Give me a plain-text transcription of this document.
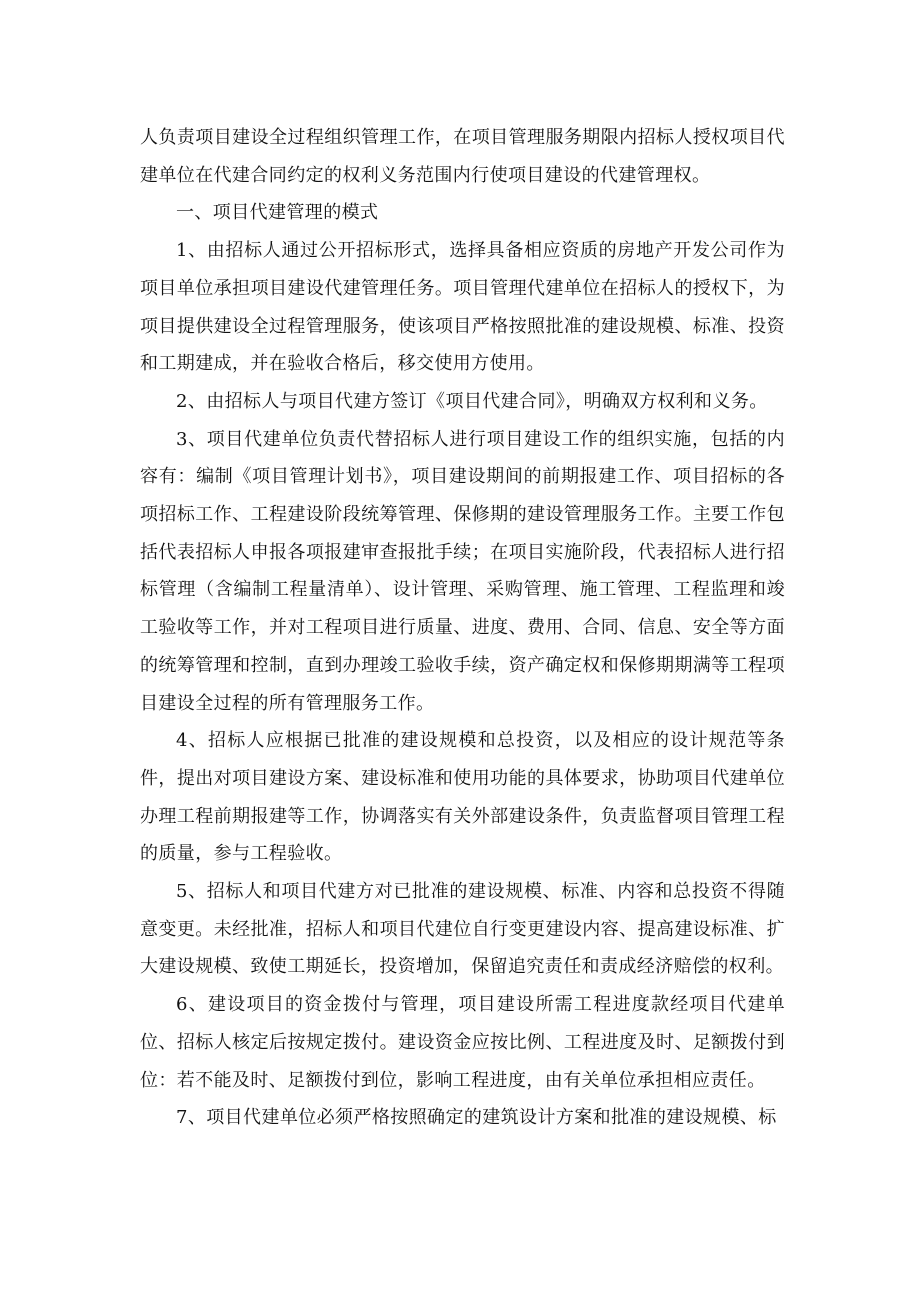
人负责项目建设全过程组织管理工作，在项目管理服务期限内招标人授权项目代建单位在代建合同约定的权利义务范围内行使项目建设的代建管理权。

一、项目代建管理的模式

1、由招标人通过公开招标形式，选择具备相应资质的房地产开发公司作为项目单位承担项目建设代建管理任务。项目管理代建单位在招标人的授权下，为项目提供建设全过程管理服务，使该项目严格按照批准的建设规模、标准、投资和工期建成，并在验收合格后，移交使用方使用。

2、由招标人与项目代建方签订《项目代建合同》，明确双方权利和义务。

3、项目代建单位负责代替招标人进行项目建设工作的组织实施，包括的内容有：编制《项目管理计划书》，项目建设期间的前期报建工作、项目招标的各项招标工作、工程建设阶段统筹管理、保修期的建设管理服务工作。主要工作包括代表招标人申报各项报建审查报批手续；在项目实施阶段，代表招标人进行招标管理（含编制工程量清单）、设计管理、采购管理、施工管理、工程监理和竣工验收等工作，并对工程项目进行质量、进度、费用、合同、信息、安全等方面的统筹管理和控制，直到办理竣工验收手续，资产确定权和保修期期满等工程项目建设全过程的所有管理服务工作。

4、招标人应根据已批准的建设规模和总投资，以及相应的设计规范等条件，提出对项目建设方案、建设标准和使用功能的具体要求，协助项目代建单位办理工程前期报建等工作，协调落实有关外部建设条件，负责监督项目管理工程的质量，参与工程验收。

5、招标人和项目代建方对已批准的建设规模、标准、内容和总投资不得随意变更。未经批准，招标人和项目代建位自行变更建设内容、提高建设标准、扩大建设规模、致使工期延长，投资增加，保留追究责任和责成经济赔偿的权利。

6、建设项目的资金拨付与管理，项目建设所需工程进度款经项目代建单位、招标人核定后按规定拨付。建设资金应按比例、工程进度及时、足额拨付到位：若不能及时、足额拨付到位，影响工程进度，由有关单位承担相应责任。

7、项目代建单位必须严格按照确定的建筑设计方案和批准的建设规模、标
